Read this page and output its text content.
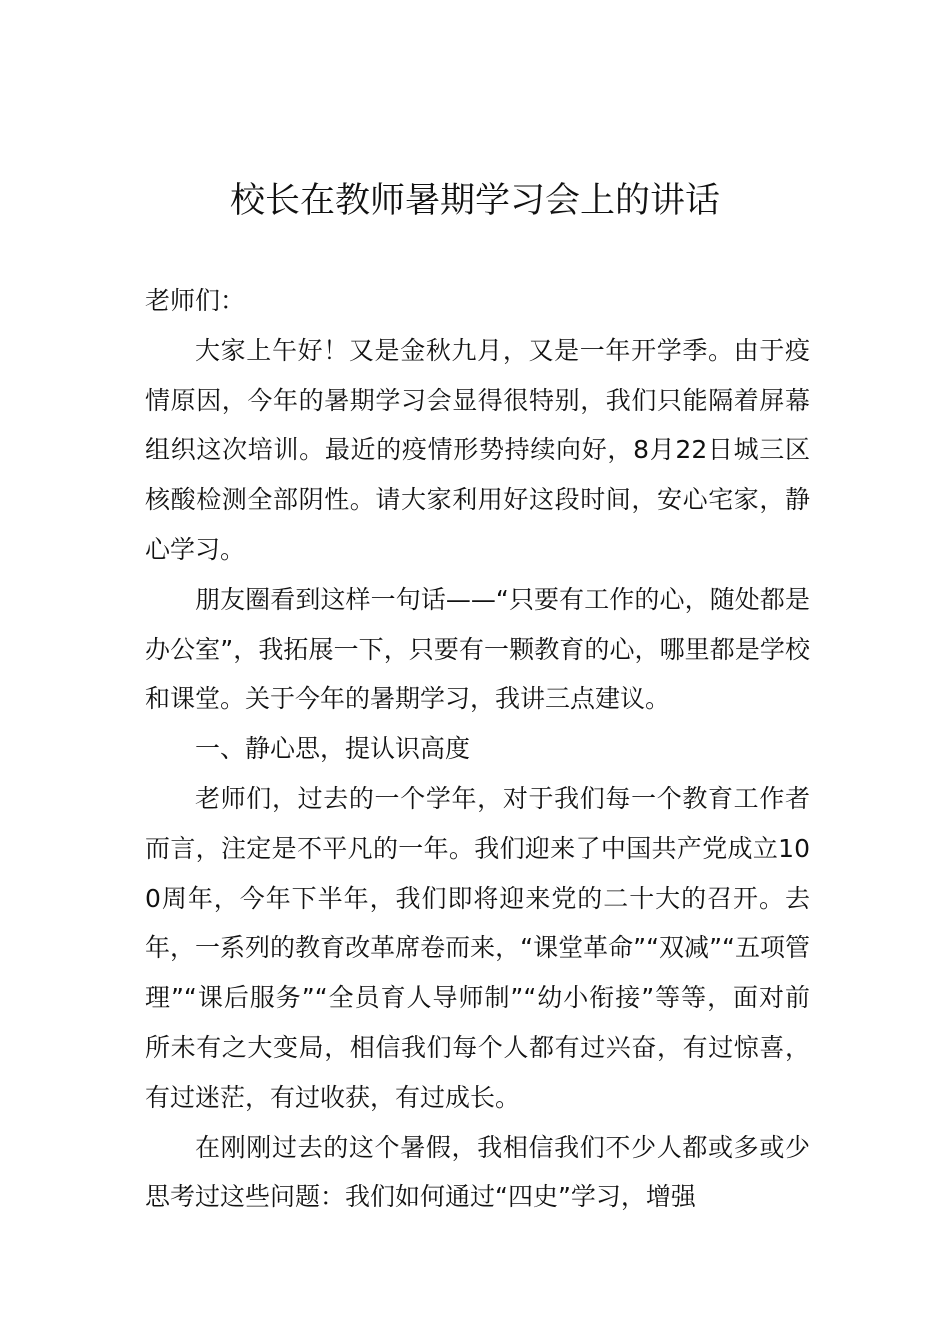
校长在教师暑期学习会上的讲话

老师们：

大家上午好！又是金秋九月，又是一年开学季。由于疫情原因，今年的暑期学习会显得很特别，我们只能隔着屏幕组织这次培训。最近的疫情形势持续向好，8月22日城三区核酸检测全部阴性。请大家利用好这段时间，安心宅家，静心学习。

朋友圈看到这样一句话——“只要有工作的心，随处都是办公室”，我拓展一下，只要有一颗教育的心，哪里都是学校和课堂。关于今年的暑期学习，我讲三点建议。

一、静心思，提认识高度

老师们，过去的一个学年，对于我们每一个教育工作者而言，注定是不平凡的一年。我们迎来了中国共产党成立100周年，今年下半年，我们即将迎来党的二十大的召开。去年，一系列的教育改革席卷而来，“课堂革命”“双减”“五项管理”“课后服务”“全员育人导师制”“幼小衔接”等等，面对前所未有之大变局，相信我们每个人都有过兴奋，有过惊喜，有过迷茫，有过收获，有过成长。

在刚刚过去的这个暑假，我相信我们不少人都或多或少思考过这些问题：我们如何通过“四史”学习，增强
